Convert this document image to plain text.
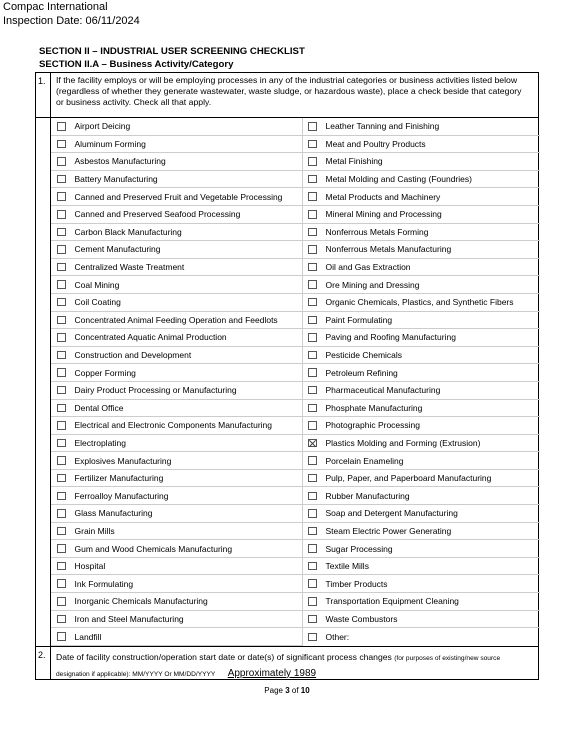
Compac International
Inspection Date: 06/11/2024
SECTION II – INDUSTRIAL USER SCREENING CHECKLIST
SECTION II.A – Business Activity/Category
1. If the facility employs or will be employing processes in any of the industrial categories or business activities listed below (regardless of whether they generate wastewater, waste sludge, or hazardous waste), place a check beside that category or business activity. Check all that apply.
Airport Deicing	Leather Tanning and Finishing
Aluminum Forming	Meat and Poultry Products
Asbestos Manufacturing	Metal Finishing
Battery Manufacturing	Metal Molding and Casting (Foundries)
Canned and Preserved Fruit and Vegetable Processing	Metal Products and Machinery
Canned and Preserved Seafood Processing	Mineral Mining and Processing
Carbon Black Manufacturing	Nonferrous Metals Forming
Cement Manufacturing	Nonferrous Metals Manufacturing
Centralized Waste Treatment	Oil and Gas Extraction
Coal Mining	Ore Mining and Dressing
Coil Coating	Organic Chemicals, Plastics, and Synthetic Fibers
Concentrated Animal Feeding Operation and Feedlots	Paint Formulating
Concentrated Aquatic Animal Production	Paving and Roofing Manufacturing
Construction and Development	Pesticide Chemicals
Copper Forming	Petroleum Refining
Dairy Product Processing or Manufacturing	Pharmaceutical Manufacturing
Dental Office	Phosphate Manufacturing
Electrical and Electronic Components Manufacturing	Photographic Processing
Electroplating	Plastics Molding and Forming (Extrusion)
Explosives Manufacturing	Porcelain Enameling
Fertilizer Manufacturing	Pulp, Paper, and Paperboard Manufacturing
Ferroalloy Manufacturing	Rubber Manufacturing
Glass Manufacturing	Soap and Detergent Manufacturing
Grain Mills	Steam Electric Power Generating
Gum and Wood Chemicals Manufacturing	Sugar Processing
Hospital	Textile Mills
Ink Formulating	Timber Products
Inorganic Chemicals Manufacturing	Transportation Equipment Cleaning
Iron and Steel Manufacturing	Waste Combustors
Landfill	Other:
2. Date of facility construction/operation start date or date(s) of significant process changes (for purposes of existing/new source designation if applicable): MM/YYYY Or MM/DD/YYYY Approximately 1989
Page 3 of 10
